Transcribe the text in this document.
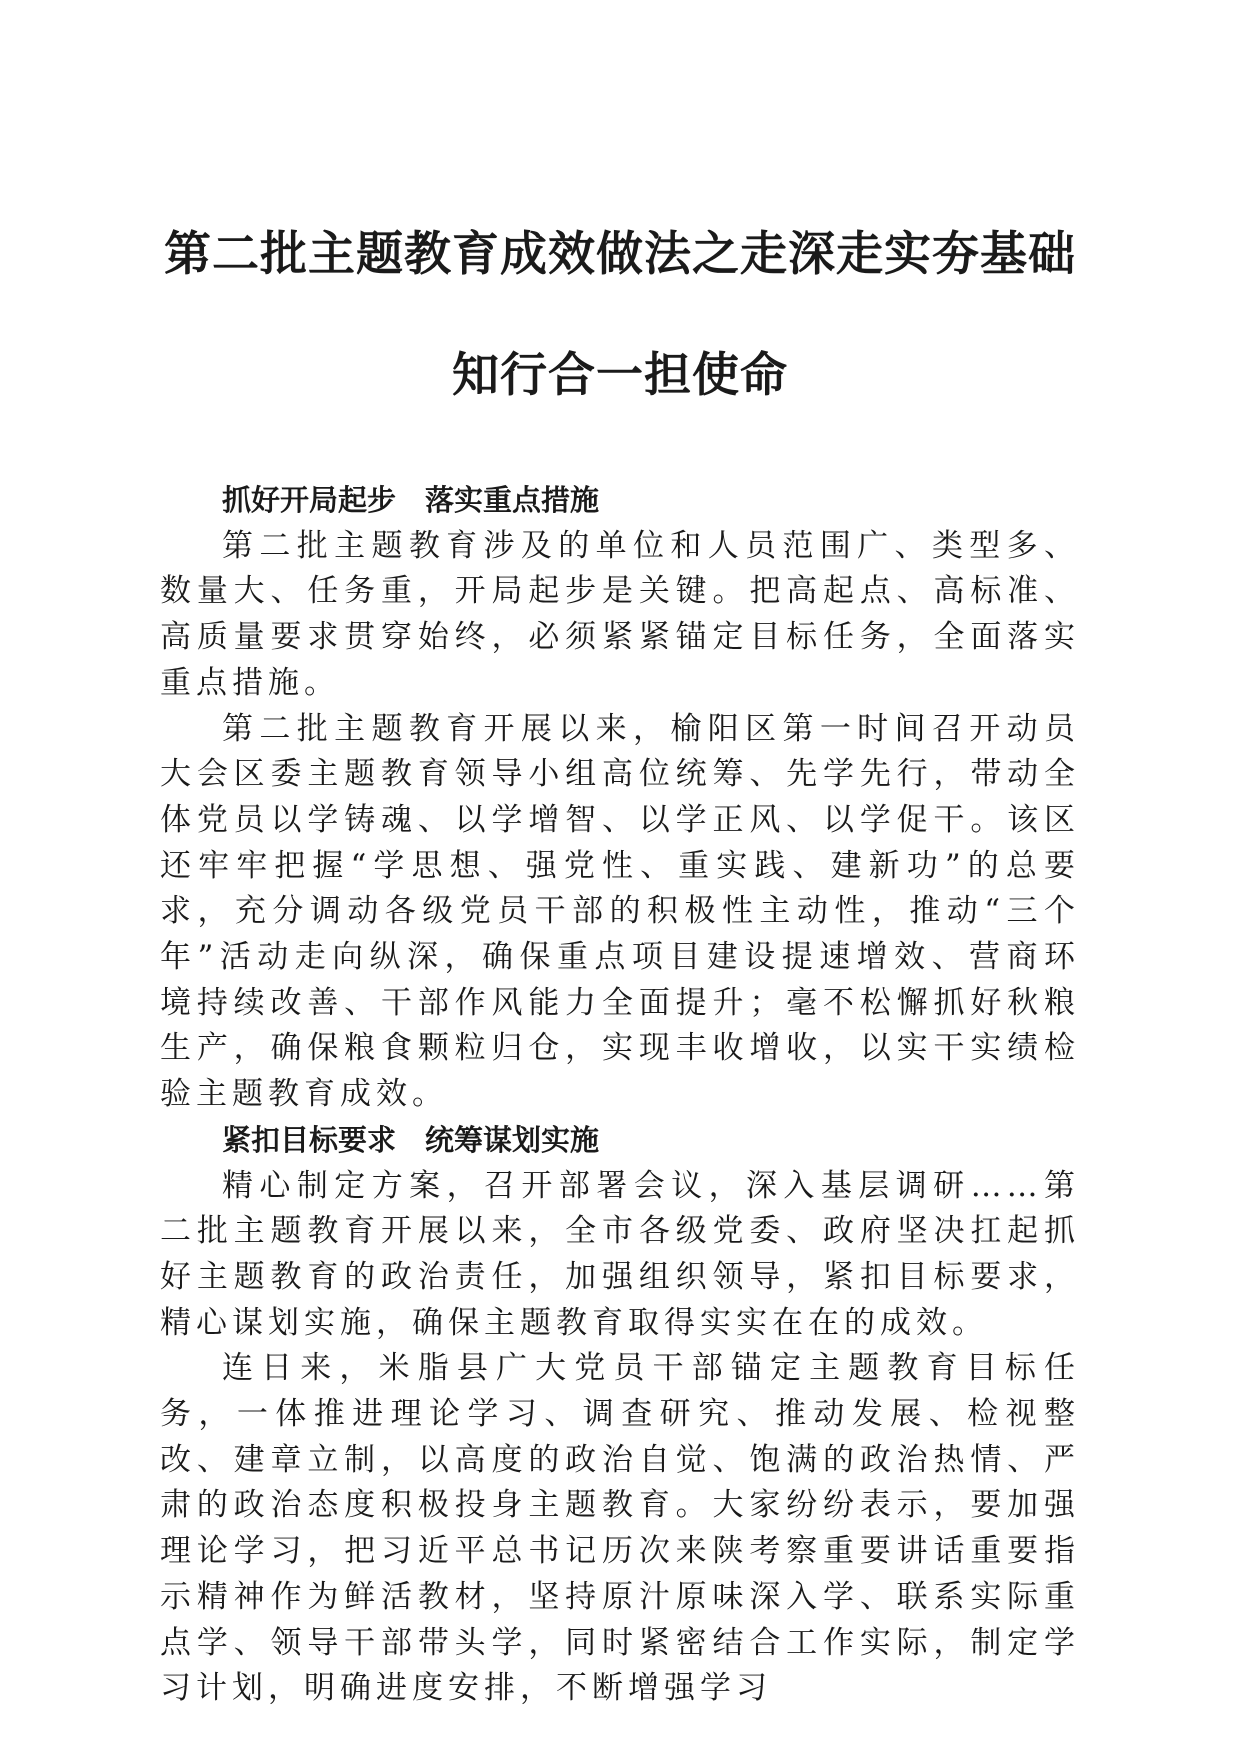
第二批主题教育成效做法之走深走实夯基础
知行合一担使命

抓好开局起步　落实重点措施

第二批主题教育涉及的单位和人员范围广、类型多、数量大、任务重，开局起步是关键。把高起点、高标准、高质量要求贯穿始终，必须紧紧锚定目标任务，全面落实重点措施。

第二批主题教育开展以来，榆阳区第一时间召开动员大会区委主题教育领导小组高位统筹、先学先行，带动全体党员以学铸魂、以学增智、以学正风、以学促干。该区还牢牢把握“学思想、强党性、重实践、建新功”的总要求，充分调动各级党员干部的积极性主动性，推动“三个年”活动走向纵深，确保重点项目建设提速增效、营商环境持续改善、干部作风能力全面提升；毫不松懈抓好秋粮生产，确保粮食颗粒归仓，实现丰收增收，以实干实绩检验主题教育成效。

紧扣目标要求　统筹谋划实施

精心制定方案，召开部署会议，深入基层调研……第二批主题教育开展以来，全市各级党委、政府坚决扛起抓好主题教育的政治责任，加强组织领导，紧扣目标要求，精心谋划实施，确保主题教育取得实实在在的成效。

连日来，米脂县广大党员干部锚定主题教育目标任务，一体推进理论学习、调查研究、推动发展、检视整改、建章立制，以高度的政治自觉、饱满的政治热情、严肃的政治态度积极投身主题教育。大家纷纷表示，要加强理论学习，把习近平总书记历次来陕考察重要讲话重要指示精神作为鲜活教材，坚持原汁原味深入学、联系实际重点学、领导干部带头学，同时紧密结合工作实际，制定学习计划，明确进度安排，不断增强学习
